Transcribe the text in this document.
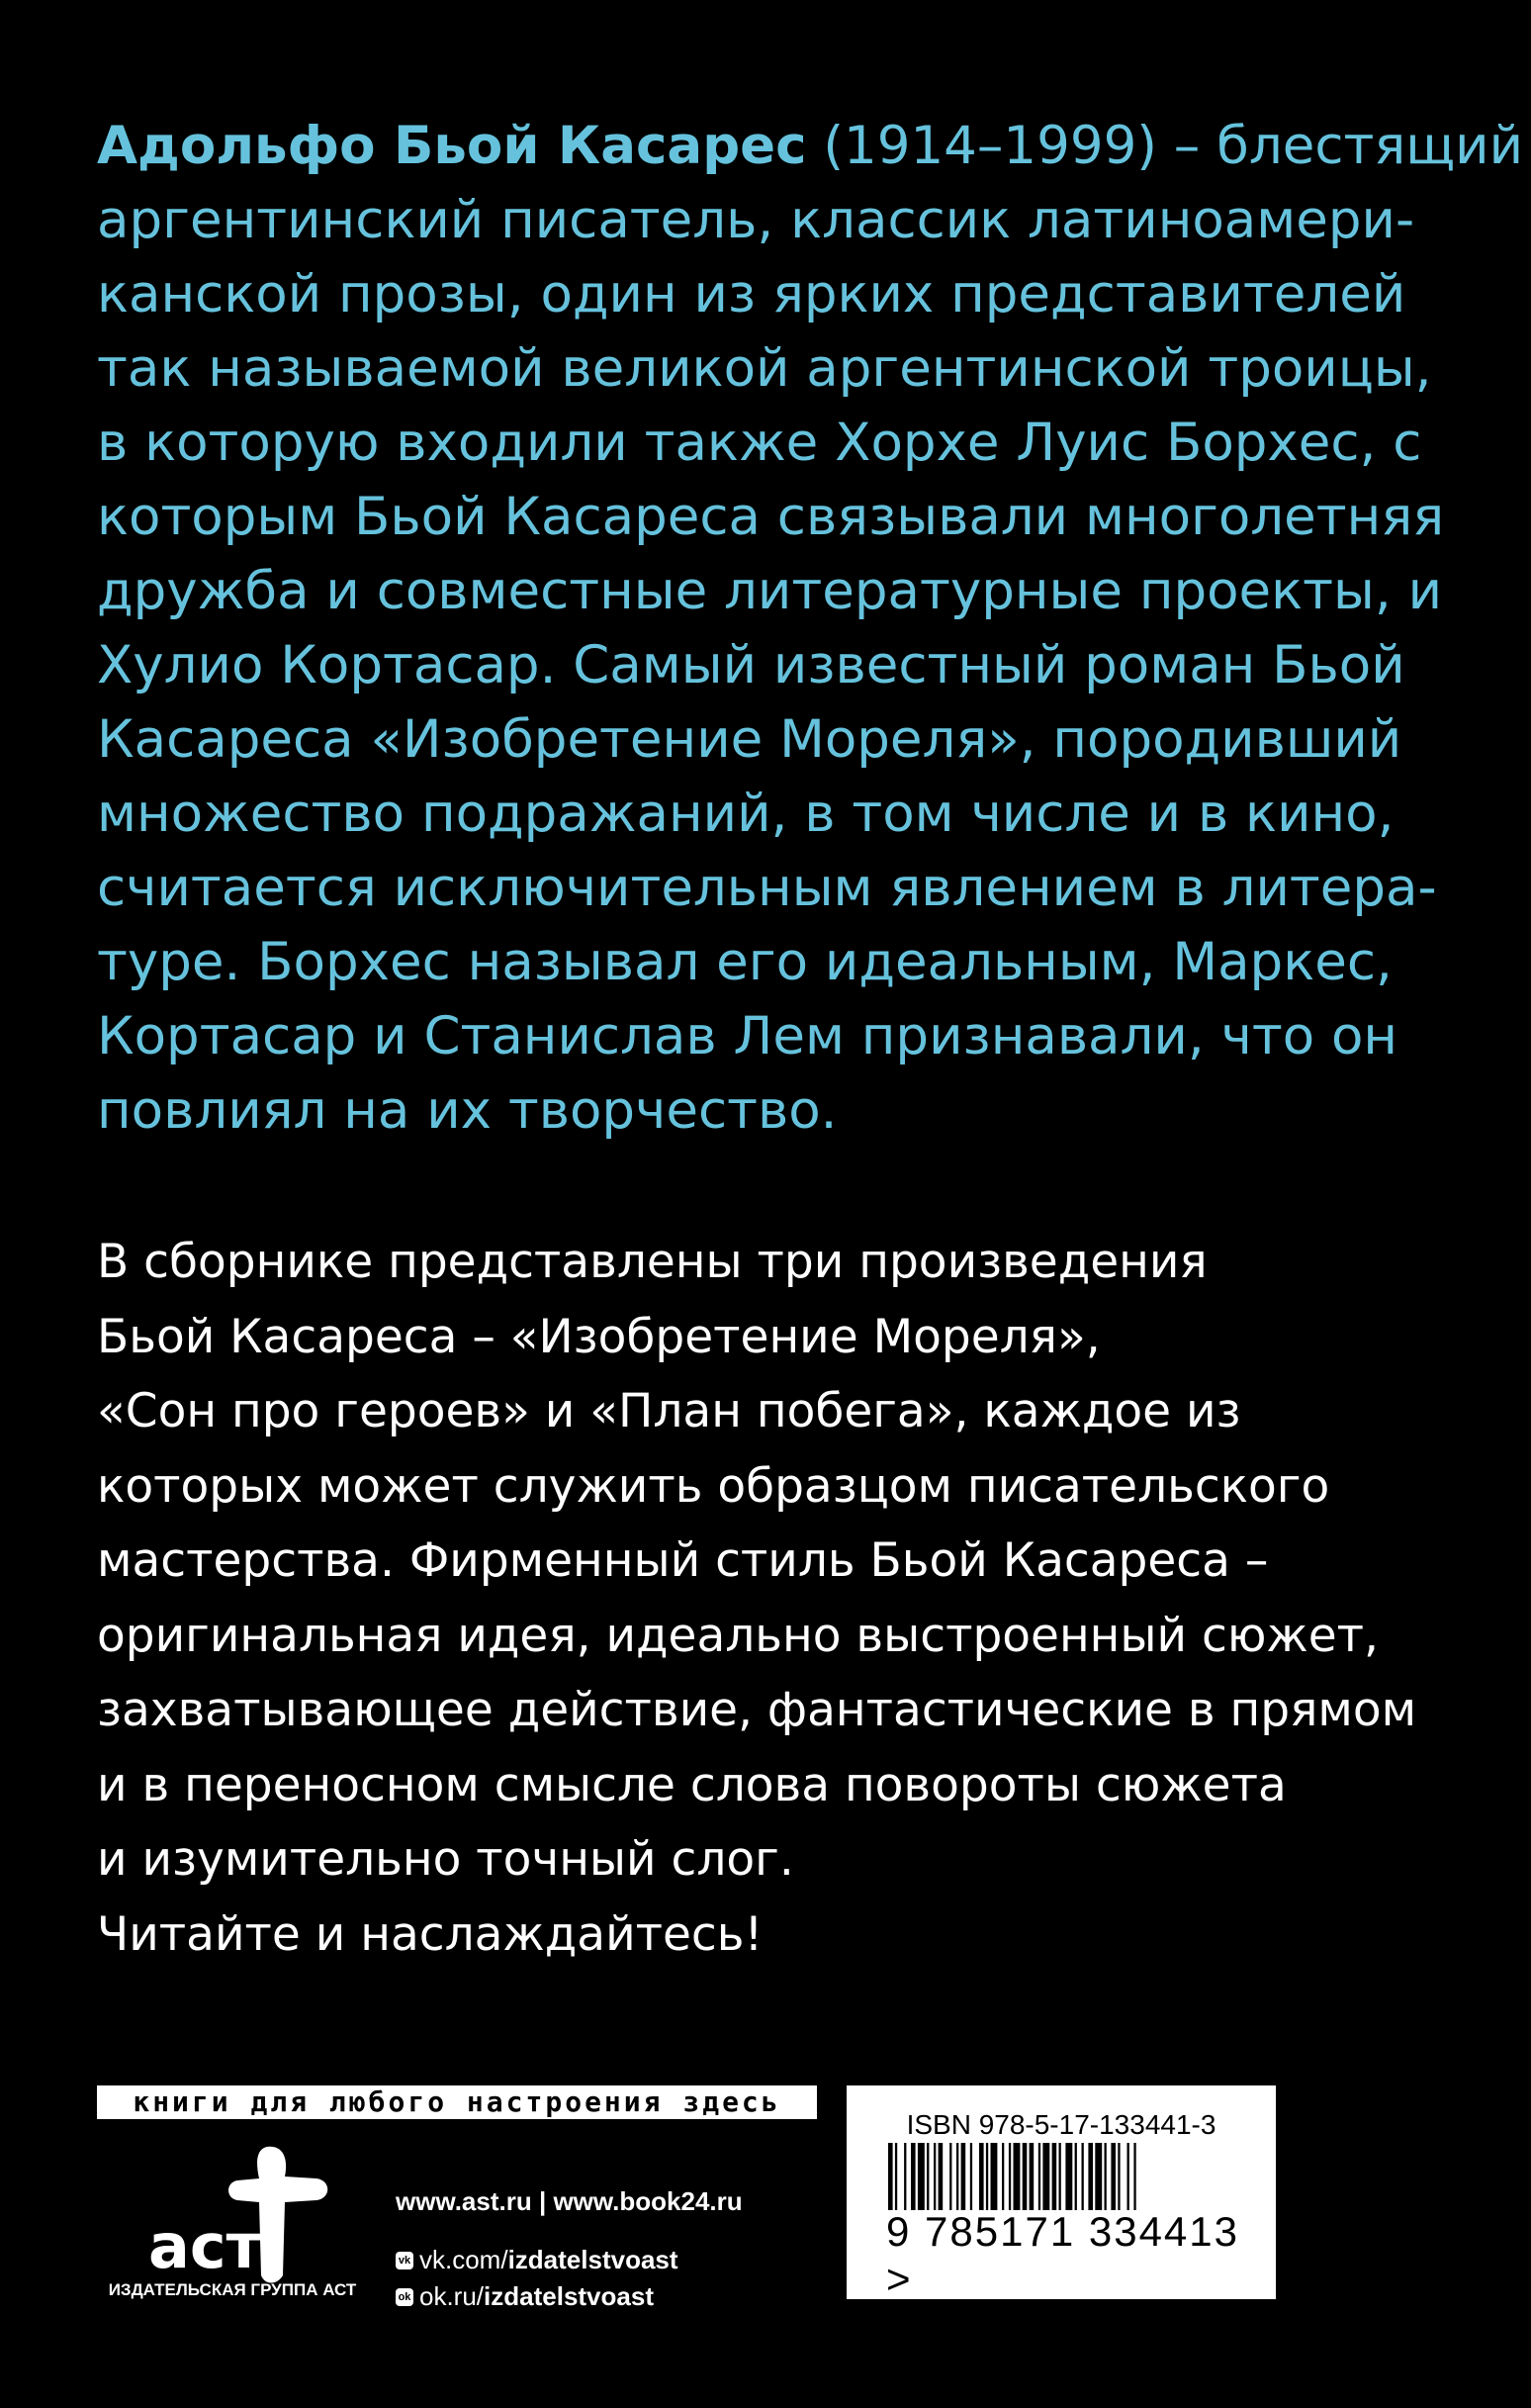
Адольфо Бьой Касарес (1914–1999) – блестящий
аргентинский писатель, классик латиноамери-
канской прозы, один из ярких представителей
так называемой великой аргентинской троицы,
в которую входили также Хорхе Луис Борхес, с
которым Бьой Касареса связывали многолетняя
дружба и совместные литературные проекты, и
Хулио Кортасар. Самый известный роман Бьой
Касареса «Изобретение Мореля», породивший
множество подражаний, в том числе и в кино,
считается исключительным явлением в литера-
туре. Борхес называл его идеальным, Маркес,
Кортасар и Станислав Лем признавали, что он
повлиял на их творчество.
В сборнике представлены три произведения
Бьой Касареса – «Изобретение Мореля»,
«Сон про героев» и «План побега», каждое из
которых может служить образцом писательского
мастерства. Фирменный стиль Бьой Касареса –
оригинальная идея, идеально выстроенный сюжет,
захватывающее действие, фантастические в прямом
и в переносном смысле слова повороты сюжета
и изумительно точный слог.
Читайте и наслаждайтесь!
книги для любого настроения здесь
аст
ИЗДАТЕЛЬСКАЯ ГРУППА АСТ
www.ast.ru | www.book24.ru
vk vk.com/ izdatelstvoast
ok ok.ru/ izdatelstvoast
ISBN 978-5-17-133441-3
9 785171 334413 >
